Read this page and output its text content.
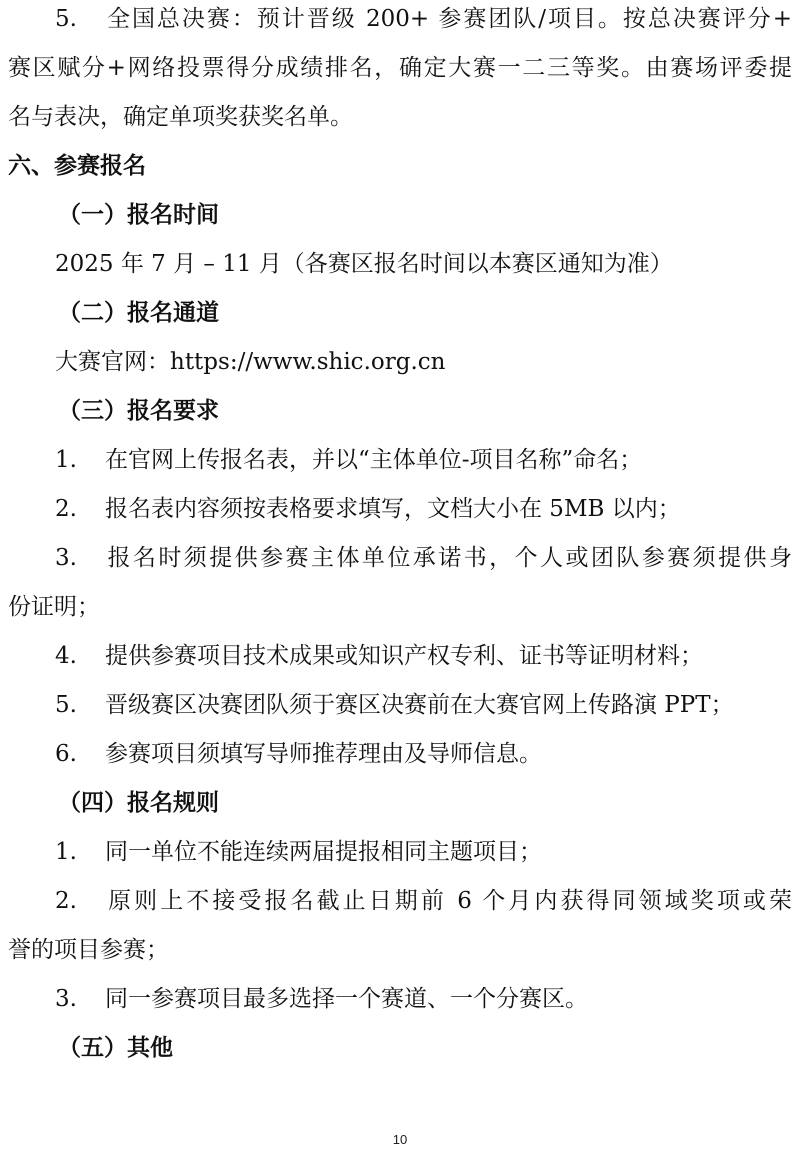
5. 全国总决赛：预计晋级 200+ 参赛团队/项目。按总决赛评分+
赛区赋分+网络投票得分成绩排名，确定大赛一二三等奖。由赛场评委提
名与表决，确定单项奖获奖名单。
六、参赛报名
（一）报名时间
2025 年 7 月 – 11 月（各赛区报名时间以本赛区通知为准）
（二）报名通道
大赛官网：https://www.shic.org.cn
（三）报名要求
1. 在官网上传报名表，并以“主体单位-项目名称”命名；
2. 报名表内容须按表格要求填写，文档大小在 5MB 以内；
3. 报名时须提供参赛主体单位承诺书，个人或团队参赛须提供身
份证明；
4. 提供参赛项目技术成果或知识产权专利、证书等证明材料；
5. 晋级赛区决赛团队须于赛区决赛前在大赛官网上传路演 PPT；
6. 参赛项目须填写导师推荐理由及导师信息。
（四）报名规则
1. 同一单位不能连续两届提报相同主题项目；
2. 原则上不接受报名截止日期前 6 个月内获得同领域奖项或荣
誉的项目参赛；
3. 同一参赛项目最多选择一个赛道、一个分赛区。
（五）其他
10
